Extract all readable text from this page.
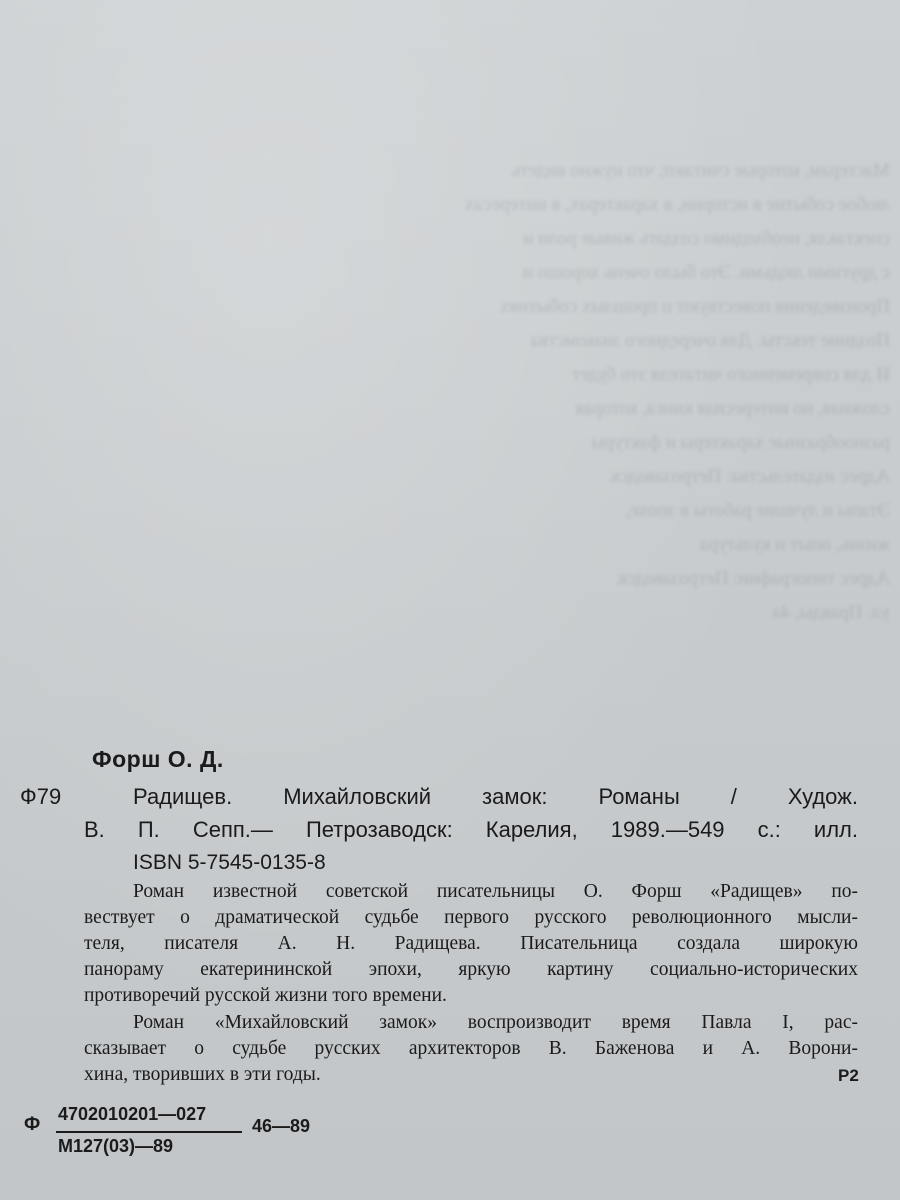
Мастерам, которые считают, что нужно видеть
любое событие в истории, в характерах, в интересах
спектакля, необходимо создать живые роли и
с другими людьми. Это было очень хорошо и
Произведения повествуют о прошлых событиях
Поздние тексты. Для очередного знакомства
И для современного читателя это будет
сложная, но интересная книга, которая
разнообразные характеры и фактуры
Адрес издательства: Петрозаводск
Этапы и лучшие работы в эпохе,
жизнь, опыт и культура
Адрес типографии: Петрозаводск
ул. Правды, 4а

Форш О. Д.
Ф79	Радищев. Михайловский замок: Романы / Худож.
В. П. Сепп.— Петрозаводск: Карелия, 1989.—549 с.: илл.
ISBN 5-7545-0135-8
Роман известной советской писательницы О. Форш «Радищев» по-
вествует о драматической судьбе первого русского революционного мысли-
теля, писателя А. Н. Радищева. Писательница создала широкую
панораму екатерининской эпохи, яркую картину социально-исторических
противоречий русской жизни того времени.
Роман «Михайловский замок» воспроизводит время Павла I, рас-
сказывает о судьбе русских архитекторов В. Баженова и А. Ворони-
хина, творивших в эти годы.	Р2
Ф 4702010201—027
М127(03)—89
46—89
